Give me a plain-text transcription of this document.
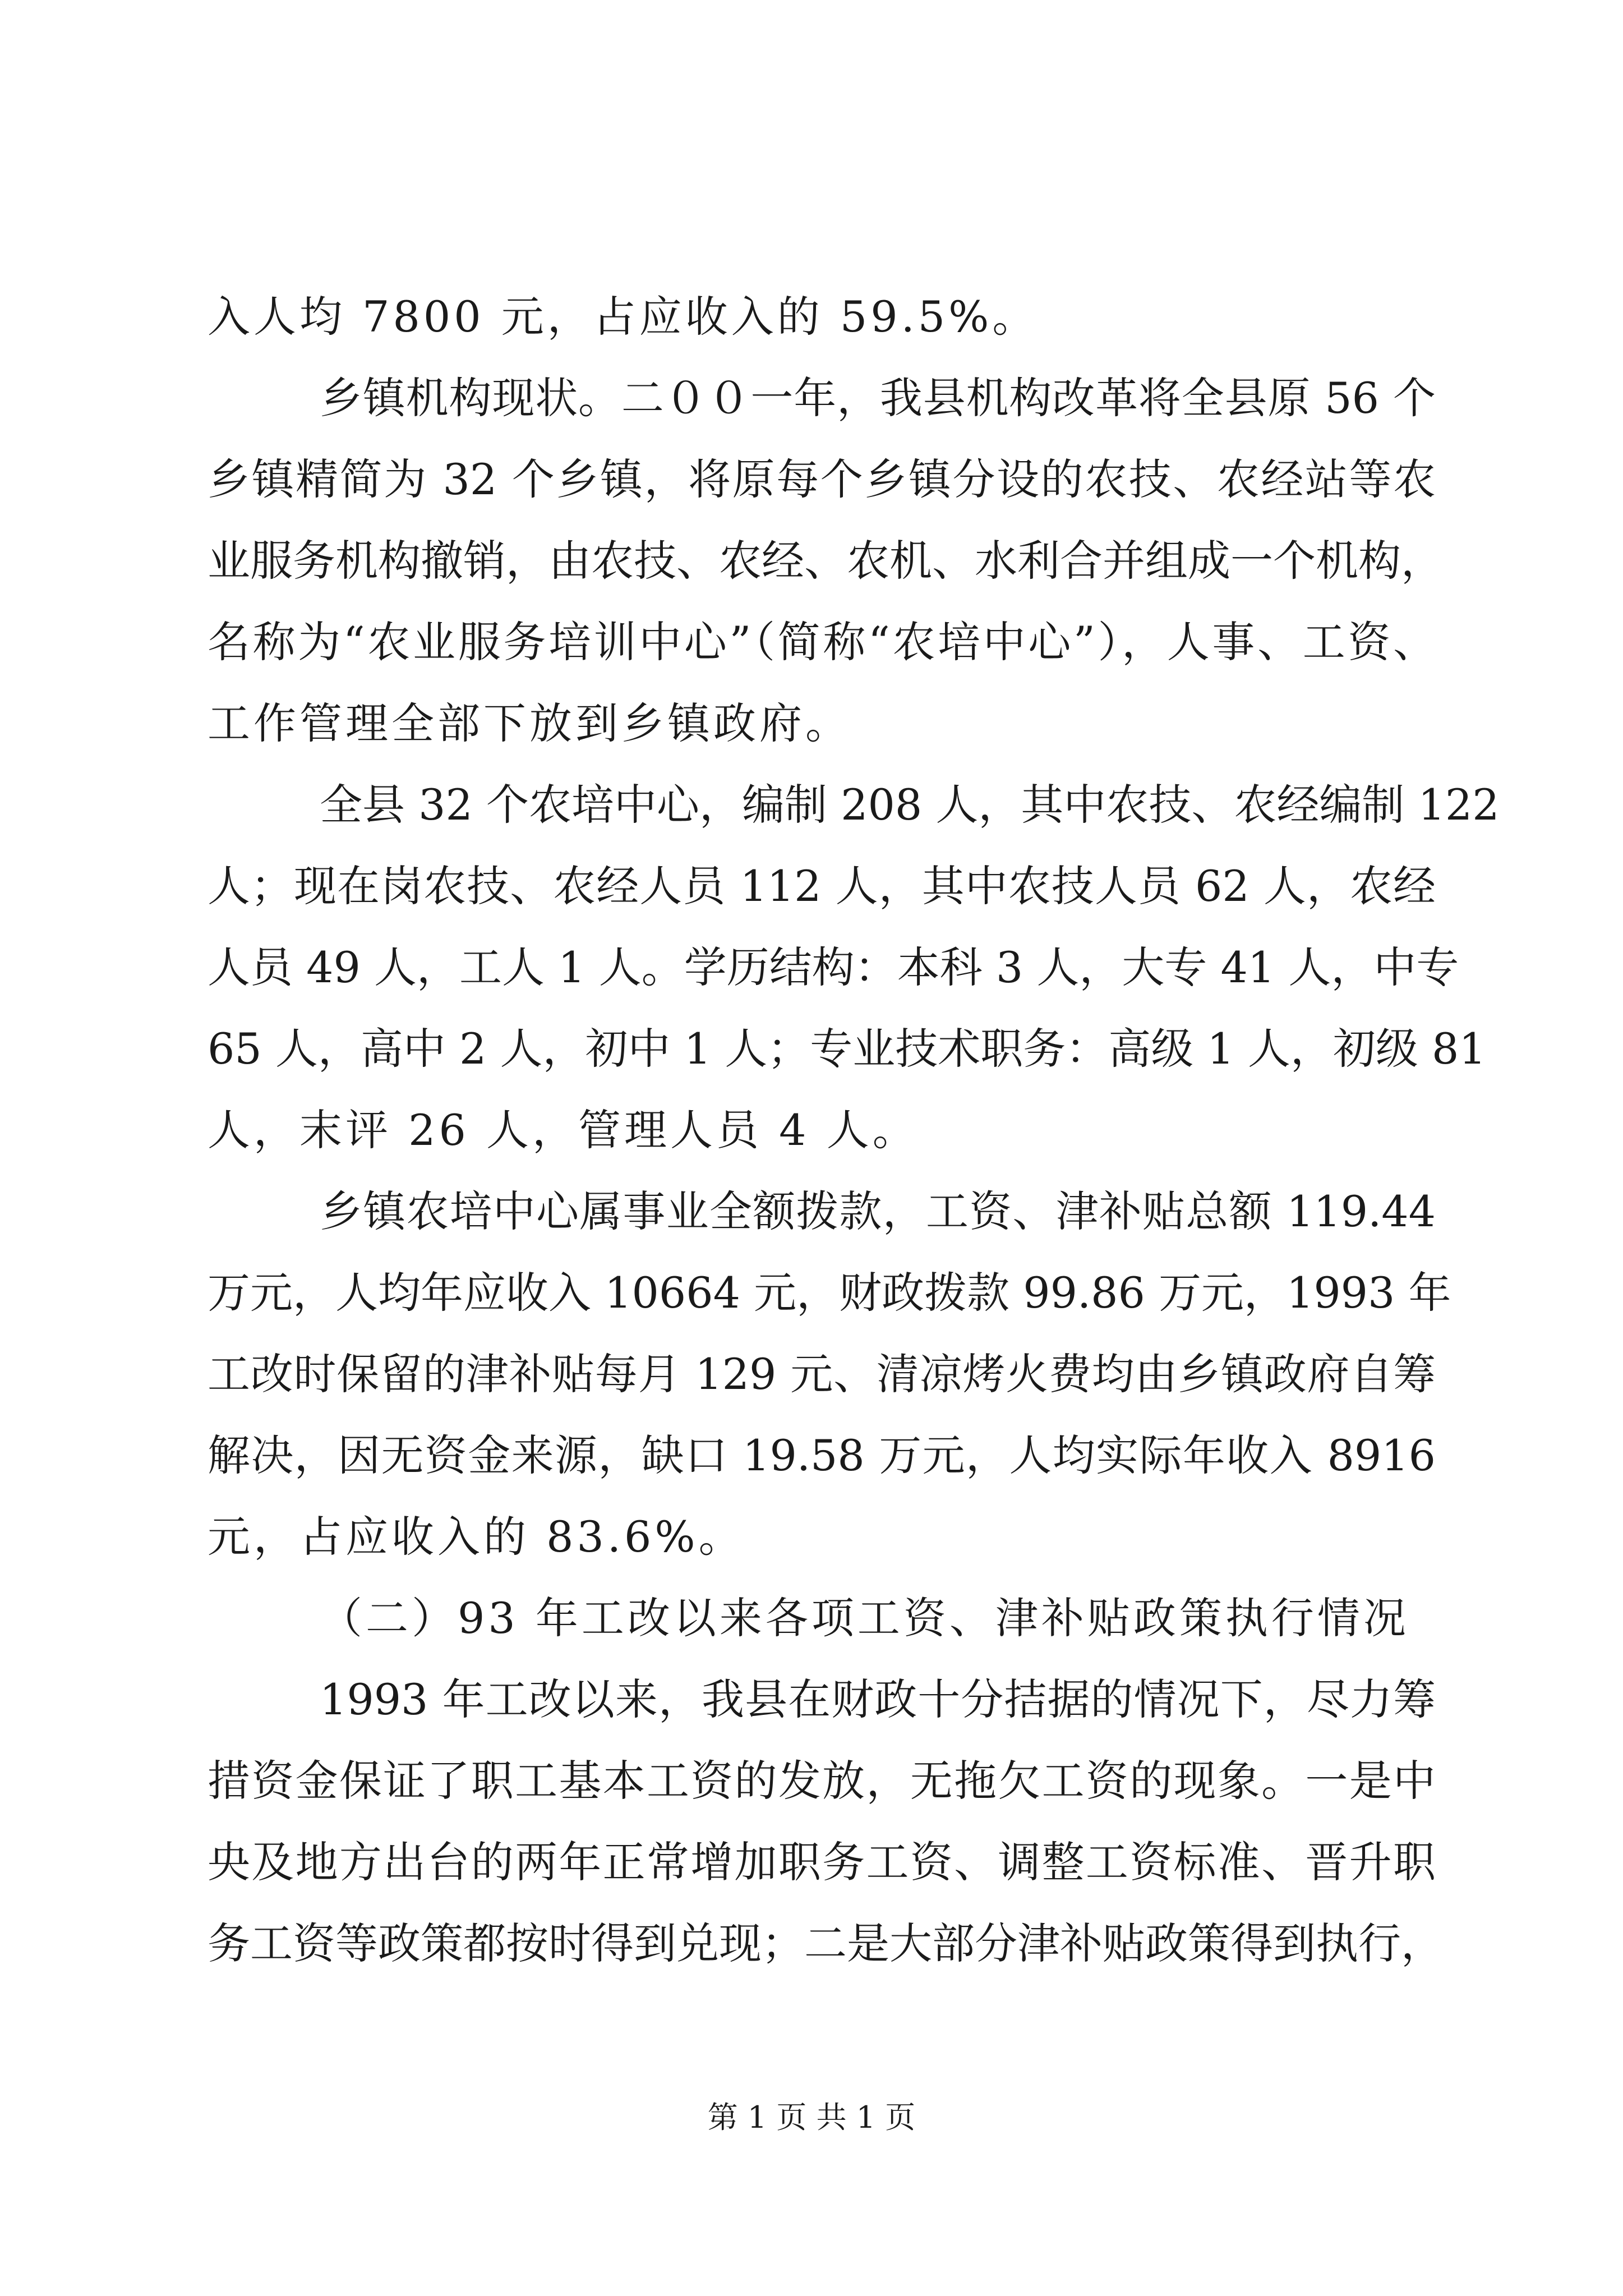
入人均 7800 元，占应收入的 59.5%。
乡镇机构现状。二００一年，我县机构改革将全县原 56 个
乡镇精简为 32 个乡镇，将原每个乡镇分设的农技、农经站等农
业服务机构撤销，由农技、农经、农机、水利合并组成一个机构，
名称为“农业服务培训中心”（简称“农培中心”），人事、工资、
工作管理全部下放到乡镇政府。
全县 32 个农培中心，编制 208 人，其中农技、农经编制 122
人；现在岗农技、农经人员 112 人，其中农技人员 62 人，农经
人员 49 人，工人 1 人。学历结构：本科 3 人，大专 41 人，中专
65 人，高中 2 人，初中 1 人；专业技术职务：高级 1 人，初级 81
人，末评 26 人，管理人员 4 人。
乡镇农培中心属事业全额拨款，工资、津补贴总额 119.44
万元，人均年应收入 10664 元，财政拨款 99.86 万元，1993 年
工改时保留的津补贴每月 129 元、清凉烤火费均由乡镇政府自筹
解决，因无资金来源，缺口 19.58 万元，人均实际年收入 8916
元，占应收入的 83.6%。
（二）93 年工改以来各项工资、津补贴政策执行情况
1993 年工改以来，我县在财政十分拮据的情况下，尽力筹
措资金保证了职工基本工资的发放，无拖欠工资的现象。一是中
央及地方出台的两年正常增加职务工资、调整工资标准、晋升职
务工资等政策都按时得到兑现；二是大部分津补贴政策得到执行，
第 1 页 共 1 页
